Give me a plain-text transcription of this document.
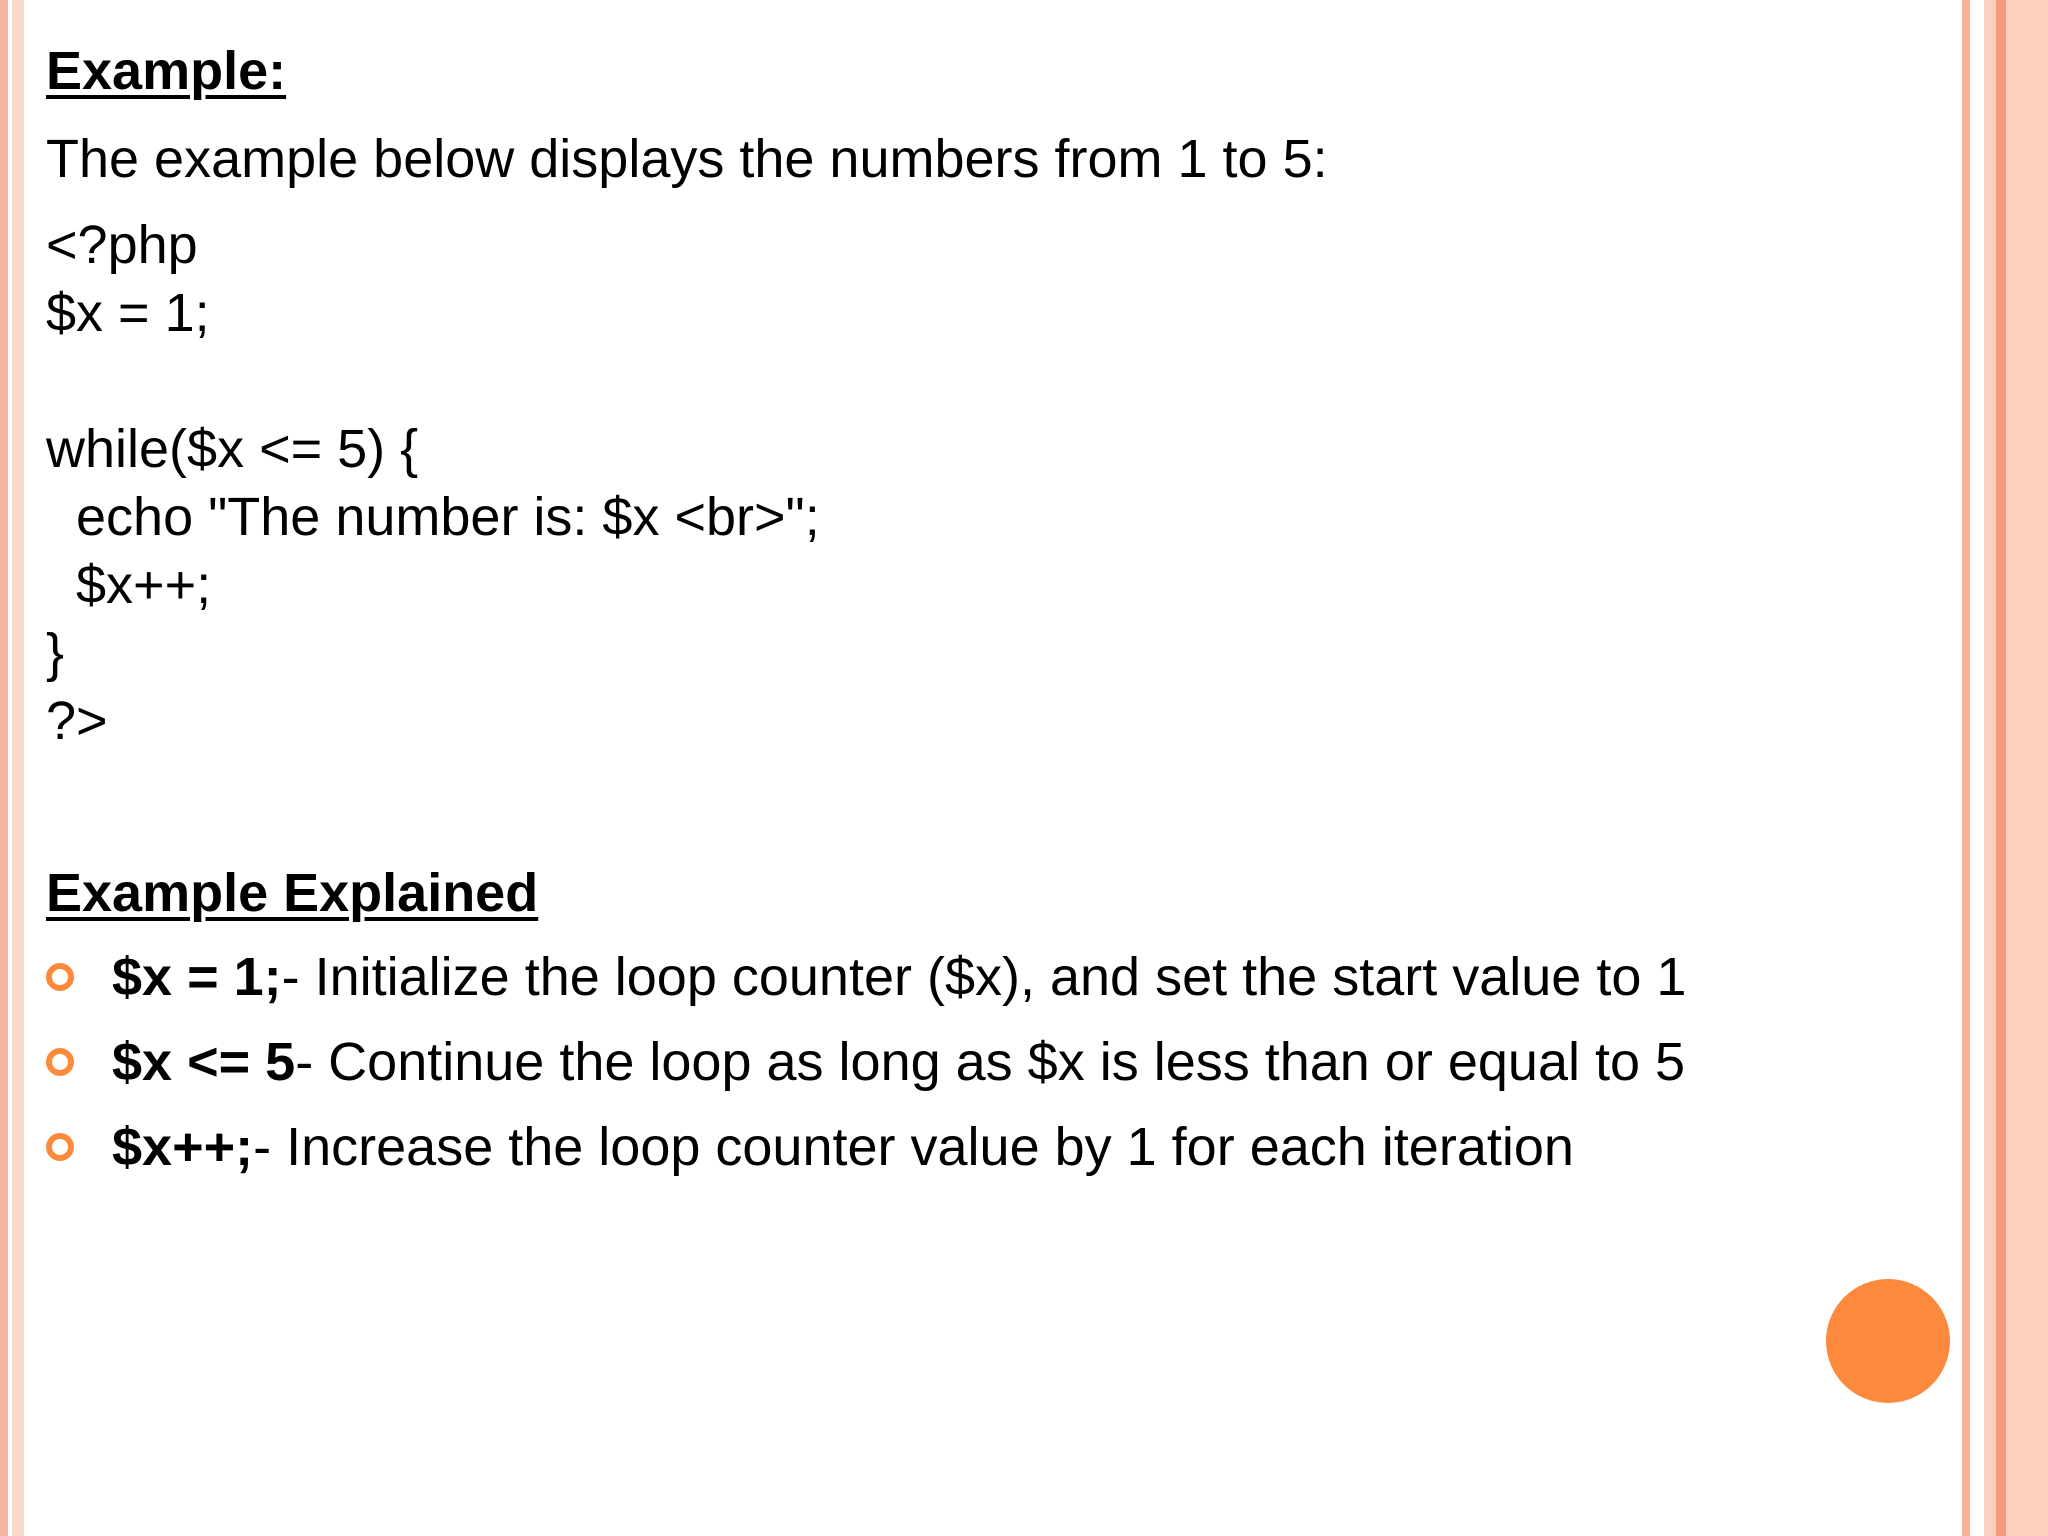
Example:
The example below displays the numbers from 1 to 5:
<?php
$x = 1;
while($x <= 5) {
echo "The number is: $x <br>";
$x++;
}
?>
Example Explained
$x = 1; - Initialize the loop counter ($x), and set the start value to 1
$x <= 5 - Continue the loop as long as $x is less than or equal to 5
$x++; - Increase the loop counter value by 1 for each iteration
